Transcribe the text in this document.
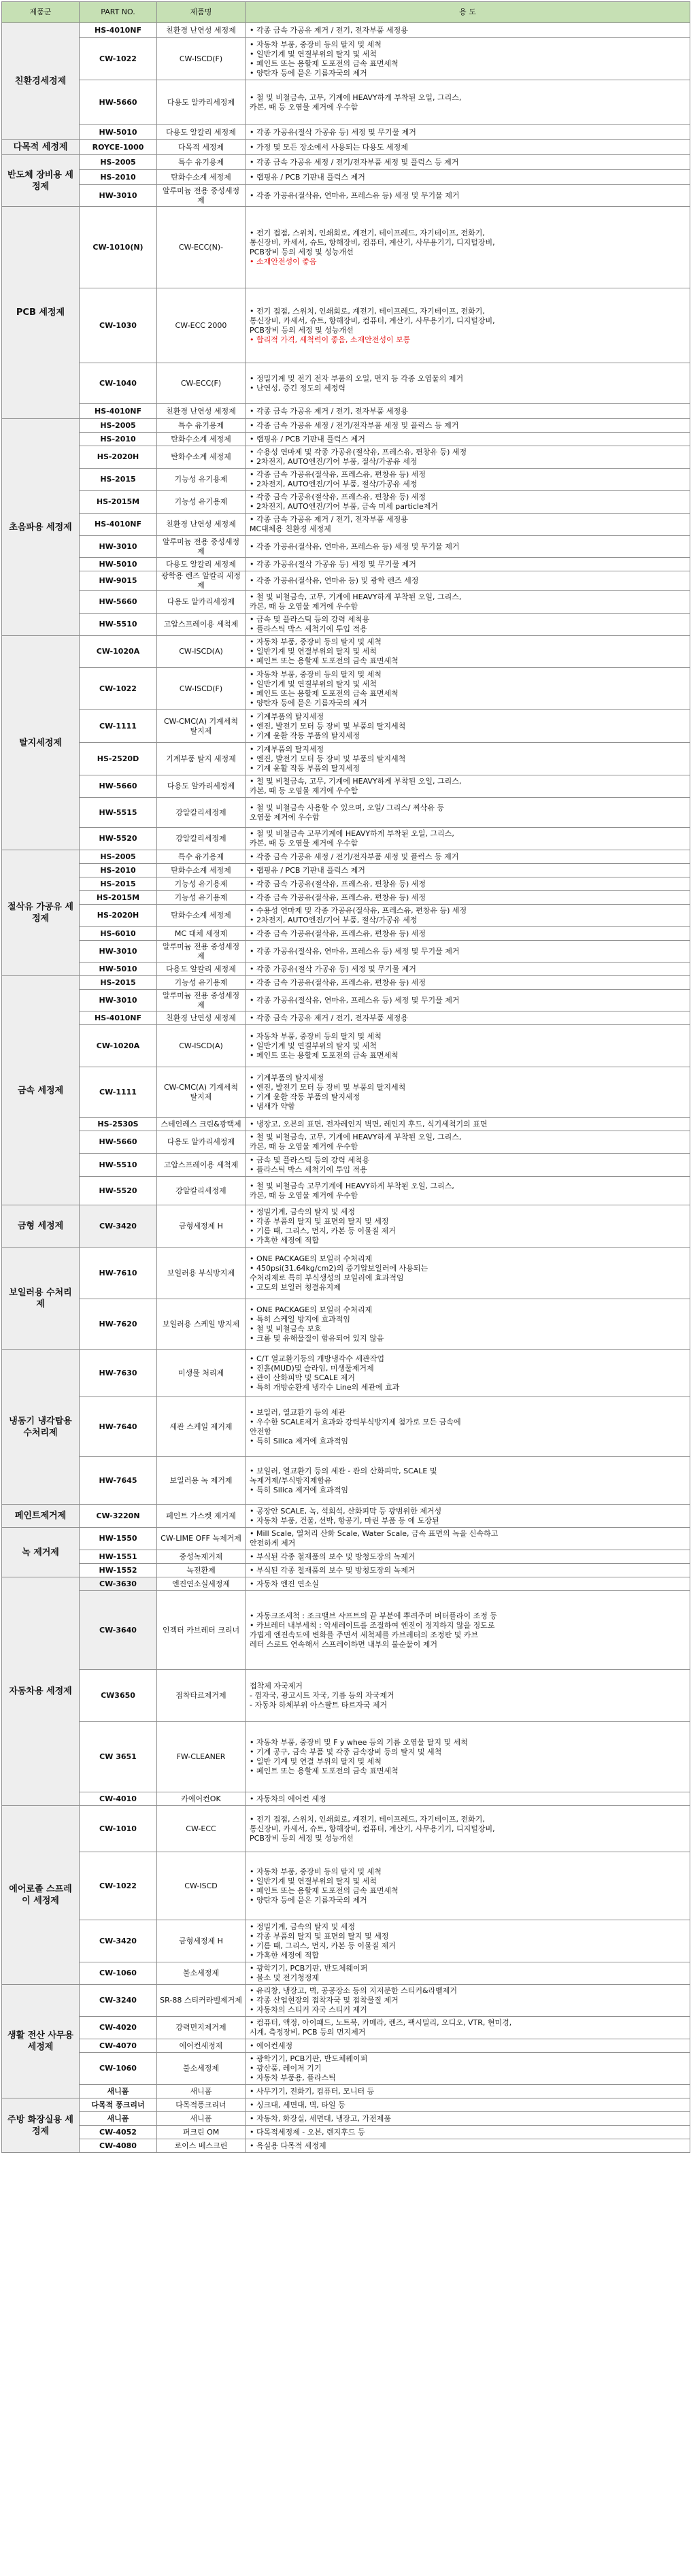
제품군	PART NO.	제품명	용 도
친환경세정제	HS-4010NF	친환경 난연성 세정제	• 각종 금속 가공유 제거 / 전기, 전자부품 세정용

	CW-1022	CW-ISCD(F)	• 자동차 부품, 중장비 등의 탈지 및 세척
• 일반기계 및 연결부위의 탈지 및 세척
• 페인트 또는 용할제 도포전의 금속 표면세척
• 양탄자 등에 묻은 기름자국의 제거

	HW-5660	다용도 알카리세정제	• 철 및 비철금속, 고무, 기계에 HEAVY하게 부착된 오일, 그리스,
카본, 때 등 오염물 제거에 우수함

	HW-5010	다용도 알칼리 세정제	• 각종 가공유(절삭 가공유 등) 세정 및 무기물 제거

다목적 세정제	ROYCE-1000	다목적 세정제	• 가정 및 모든 장소에서 사용되는 다용도 세정제

반도체 장비용 세정제	HS-2005	특수 유기용제	• 각종 금속 가공유 세정 / 전기/전자부품 세정 및 플럭스 등 제거

	HS-2010	탄화수소계 세정제	• 랩핑유 / PCB 기판내 플럭스 제거

	HW-3010	알루미늄 전용 중성세정제	• 각종 가공유(절삭유, 연마유, 프레스유 등) 세정 및 무기물 제거

PCB 세정제	CW-1010(N)	CW-ECC(N)-	• 전기 접점, 스위치, 인쇄회로, 계전기, 테이프레드, 자기테이프, 전화기,
통신장비, 카세서, 슈트, 항해장비, 컴퓨터, 계산기, 사무용기기, 디지털장비,
PCB장비 등의 세정 및 성능개선
• 소재안전성이 좋음

	CW-1030	CW-ECC 2000	• 전기 접점, 스위치, 인쇄회로, 계전기, 테이프레드, 자기테이프, 전화기,
통신장비, 카세서, 슈트, 항해장비, 컴퓨터, 계산기, 사무용기기, 디지털장비,
PCB장비 등의 세정 및 성능개선
• 합리적 가격, 세척력이 좋음, 소재안전성이 보통

	CW-1040	CW-ECC(F)	• 정밀기계 및 전기 전자 부품의 오일, 먼지 등 각종 오염물의 제거
• 난연성, 증긴 정도의 세정력

	HS-4010NF	친환경 난연성 세정제	• 각종 금속 가공유 제거 / 전기, 전자부품 세정용

초음파용 세정제	HS-2005	특수 유기용제	• 각종 금속 가공유 세정 / 전기/전자부품 세정 및 플럭스 등 제거

	HS-2010	탄화수소계 세정제	• 랩핑유 / PCB 기판내 플럭스 제거

	HS-2020H	탄화수소계 세정제	• 수용성 연마제 및 각종 가공유(절삭유, 프레스유, 편창유 등) 세정
• 2차전지, AUTO엔진/기어 부품, 절삭/가공유 세정

	HS-2015	기능성 유기용제	• 각종 금속 가공유(절삭유, 프레스유, 편창유 등) 세정
• 2차전지, AUTO엔진/기어 부품, 절삭/가공유 세정

	HS-2015M	기능성 유기용제	• 각종 금속 가공유(절삭유, 프레스유, 편창유 등) 세정
• 2차전지, AUTO엔진/기어 부품, 금속 미세 particle제거

	HS-4010NF	친환경 난연성 세정제	• 각종 금속 가공유 제거 / 전기, 전자부품 세정용
MC대체용 친환경 세정제

	HW-3010	알루미늄 전용 중성세정제	• 각종 가공유(절삭유, 연마유, 프레스유 등) 세정 및 무기물 제거

	HW-5010	다용도 알칼리 세정제	• 각종 가공유(절삭 가공유 등) 세정 및 무기물 제거

	HW-9015	광학용 렌즈 알칼리 세정제	• 각종 가공유(절삭유, 연마유 등) 및 광학 렌즈 세정

	HW-5660	다용도 알카리세정제	• 철 및 비철금속, 고무, 기계에 HEAVY하게 부착된 오일, 그리스,
카본, 때 등 오염물 제거에 우수함

	HW-5510	고압스프레이용 세척제	• 금속 및 플라스틱 등의 강력 세척용
• 플라스틱 박스 세척기에 투입 적용

탈지세정제	CW-1020A	CW-ISCD(A)	• 자동차 부품, 중장비 등의 탈지 및 세척
• 일반기계 및 연결부위의 탈지 및 세척
• 페인트 또는 용할제 도포전의 금속 표면세척

	CW-1022	CW-ISCD(F)	• 자동차 부품, 중장비 등의 탈지 및 세척
• 일반기계 및 연결부위의 탈지 및 세척
• 페인트 또는 용할제 도포전의 금속 표면세척
• 양탄자 등에 묻은 기름자국의 제거

	CW-1111	CW-CMC(A) 기계세척 탈지제	• 기계부품의 탈지세정
• 엔진, 발전기 모터 등 장비 및 부품의 탈지세척
• 기계 윤활 작동 부품의 탈지세정

	HS-2520D	기계부품 탈지 세정제	• 기계부품의 탈지세정
• 엔진, 발전기 모터 등 장비 및 부품의 탈지세척
• 기계 윤활 작동 부품의 탈지세정

	HW-5660	다용도 알카리세정제	• 철 및 비철금속, 고무, 기계에 HEAVY하게 부착된 오일, 그리스,
카본, 때 등 오염물 제거에 우수함

	HW-5515	강알칼리세정제	• 철 및 비철금속 사용할 수 있으며, 오일/ 그리스/ 찌삭유 등
오염물 제거에 우수함

	HW-5520	강알칼리세정제	• 철 및 비철금속 고무기계에 HEAVY하게 부착된 오일, 그리스,
카본, 때 등 오염물 제거에 우수함

절삭유 가공유 세정제	HS-2005	특수 유기용제	• 각종 금속 가공유 세정 / 전기/전자부품 세정 및 플럭스 등 제거

	HS-2010	탄화수소계 세정제	• 랩핑유 / PCB 기판내 플럭스 제거

	HS-2015	기능성 유기용제	• 각종 금속 가공유(절삭유, 프레스유, 편창유 등) 세정

	HS-2015M	기능성 유기용제	• 각종 금속 가공유(절삭유, 프레스유, 편창유 등) 세정

	HS-2020H	탄화수소계 세정제	• 수용성 연마제 및 각종 가공유(절삭유, 프레스유, 편창유 등) 세정
• 2차전지, AUTO엔진/기어 부품, 절삭/가공유 세정

	HS-6010	MC 대체 세정제	• 각종 금속 가공유(절삭유, 프레스유, 편창유 등) 세정

	HW-3010	알루미늄 전용 중성세정제	• 각종 가공유(절삭유, 연마유, 프레스유 등) 세정 및 무기물 제거

	HW-5010	다용도 알칼리 세정제	• 각종 가공유(절삭 가공유 등) 세정 및 무기물 제거

금속 세정제	HS-2015	기능성 유기용제	• 각종 금속 가공유(절삭유, 프레스유, 편창유 등) 세정

	HW-3010	알루미늄 전용 중성세정제	• 각종 가공유(절삭유, 연마유, 프레스유 등) 세정 및 무기물 제거

	HS-4010NF	친환경 난연성 세정제	• 각종 금속 가공유 제거 / 전기, 전자부품 세정용

	CW-1020A	CW-ISCD(A)	• 자동차 부품, 중장비 등의 탈지 및 세척
• 일반기계 및 연결부위의 탈지 및 세척
• 페인트 또는 용할제 도포전의 금속 표면세척

	CW-1111	CW-CMC(A) 기계세척 탈지제	• 기계부품의 탈지세정
• 엔진, 발전기 모터 등 장비 및 부품의 탈지세척
• 기계 윤활 작동 부품의 탈지세정
• 냄새가 약함

	HS-2530S	스테인레스 크린&광택제	• 냉장고, 오븐의 표면, 전자레인지 벽면, 레인지 후드, 식기세척기의 표면

	HW-5660	다용도 알카리세정제	• 철 및 비철금속, 고무, 기계에 HEAVY하게 부착된 오일, 그리스,
카본, 때 등 오염물 제거에 우수함

	HW-5510	고압스프레이용 세척제	• 금속 및 플라스틱 등의 강력 세척용
• 플라스틱 박스 세척기에 투입 적용

	HW-5520	강알칼리세정제	• 철 및 비철금속 고무기계에 HEAVY하게 부착된 오일, 그리스,
카본, 때 등 오염물 제거에 우수함

금형 세정제	CW-3420	금형세정제 H	• 정밀기계, 금속의 탈지 및 세정
• 각종 부품의 탈지 및 표면의 탈지 및 세정
• 기름 때, 그리스, 먼지, 카본 등 이물질 제거
• 가혹한 세정에 적합

보일러용 수처리제	HW-7610	보일러용 부식방지제	• ONE PACKAGE의 보일러 수처리제
• 450psi(31.64kg/cm2)의 증기압보일러에 사용되는
수처리제로 특히 부식생성의 보일러에 효과적임
• 고도의 보일러 청결유지제

	HW-7620	보일러용 스케일 방지제	• ONE PACKAGE의 보일러 수처리제
• 특히 스케일 방지에 효과적임
• 철 및 비철금속 보호
• 크롬 및 유해물질이 함유되어 있지 않음

냉동기 냉각탑용 수처리제	HW-7630	미생물 처리제	• C/T 열교환기등의 개방냉각수 세관작업
• 진흙(MUD)및 슬라임, 미생물제거제
• 관이 산화피막 및 SCALE 제거
• 특히 개방순환계 냉각수 Line의 세관에 효과

	HW-7640	세관 스케일 제거제	• 보일러, 열교환기 등의 세관
• 우수한 SCALE제거 효과와 강력부식방지제 첨가로 모든 금속에
안전함
• 특히 Silica 제거에 효과적임

	HW-7645	보일러용 녹 제거제	• 보일러, 열교환기 등의 세관 - 관의 산화피막, SCALE 및
녹제거제/부식방지제함유
• 특히 Silica 제거에 효과적임

페인트제거제	CW-3220N	페인트 가스켓 제거제	• 공장안 SCALE, 녹, 석회석, 산화피막 등 광범위한 제거성
• 자동차 부품, 건물, 선박, 항공기, 마린 부품 등 에 도장된

녹 제거제	HW-1550	CW-LIME OFF 녹제거제	• Mill Scale, 열처리 산화 Scale, Water Scale, 금속 표면의 녹을 신속하고
안전하게 제거

	HW-1551	중성녹제거제	• 부식된 각종 철재품의 보수 및 방청도장의 녹제거

	HW-1552	녹전환제	• 부식된 각종 철재품의 보수 및 방청도장의 녹제거

자동차용 세정제	CW-3630	엔진연소실세정제	• 자동차 엔진 연소실

	CW-3640	인젝터 카브레터 크리너	• 자동크조세척 : 조크밸브 샤프트의 끝 부분에 뿌려주며 버터플라이 조정 등
• 카브레터 내부세척 : 악세레이트를 조절하여 엔진이 정지하지 않을 정도로
가볍게 엔진속도에 변화를 주면서 세척제를 카브레터의 조정판 및 카브
레터 스로트 연속해서 스프레이하면 내부의 불순물이 제거

	CW3650	접착타르제거제	접착제 자국제거
- 껌자국, 광고시트 자국, 기름 등의 자국제거
- 자동차 하체부위 아스팔트 타르자국 제거

	CW 3651	FW-CLEANER	• 자동차 부품, 중장비 및 F y whee 등의 기름 오염물 탈지 및 세척
• 기계 공구, 금속 부품 및 각종 금속장비 등의 탈지 및 세척
• 일반 기계 및 연결 부위의 탈지 및 세척
• 페인트 또는 용할제 도포전의 금속 표면세척

	CW-4010	카에어컨OK	• 자동차의 에어컨 세정

에어로졸 스프레이 세정제	CW-1010	CW-ECC	• 전기 접점, 스위치, 인쇄회로, 계전기, 테이프레드, 자기테이프, 전화기,
통신장비, 카세서, 슈트, 항해장비, 컴퓨터, 계산기, 사무용기기, 디지털장비,
PCB장비 등의 세정 및 성능개선

	CW-1022	CW-ISCD	• 자동차 부품, 중장비 등의 탈지 및 세척
• 일반기계 및 연결부위의 탈지 및 세척
• 페인트 또는 용할제 도포전의 금속 표면세척
• 양탄자 등에 묻은 기름자국의 제거

	CW-3420	금형세정제 H	• 정밀기계, 금속의 탈지 및 세정
• 각종 부품의 탈지 및 표면의 탈지 및 세정
• 기름 때, 그리스, 먼지, 카본 등 이물질 제거
• 가혹한 세정에 적합

	CW-1060	불소세정제	• 광학기기, PCB기판, 반도체웨이퍼
• 불소 및 전기청정제

생활 전산 사무용 세정제	CW-3240	SR-88 스티커라벨제거제	• 유리창, 냉장고, 벽, 공공장소 등의 지저분한 스티커&라벨제거
• 각종 산업현장의 접착자국 및 접착물질 제거
• 자동차의 스티커 자국 스티커 제거

	CW-4020	강력먼지제거제	• 컴퓨터, 액정, 아이패드, 노트북, 카메라, 렌즈, 팩시밀리, 오디오, VTR, 현미경,
시계, 측정장비, PCB 등의 먼지제거

	CW-4070	에어컨세정제	• 에어컨세정

	CW-1060	불소세정제	• 광학기기, PCB기판, 반도체웨이퍼
• 광산품, 레이저 기기
• 자동차 부품용, 플라스틱

	새니폼	새니폼	• 사무기기, 전화기, 컴퓨터, 모니터 등

주방 화장실용 세정제	다목적 퐁크리너	다목적퐁크리너	• 싱크대, 세면대, 벽, 타일 등

	새니폼	새니폼	• 자동차, 화장실, 세면대, 냉장고, 가전제품

	CW-4052	퍼크린 OM	• 다목적세정제 - 오븐, 렌지후드 등

	CW-4080	로이스 베스크린	• 욕실용 다목적 세정제
